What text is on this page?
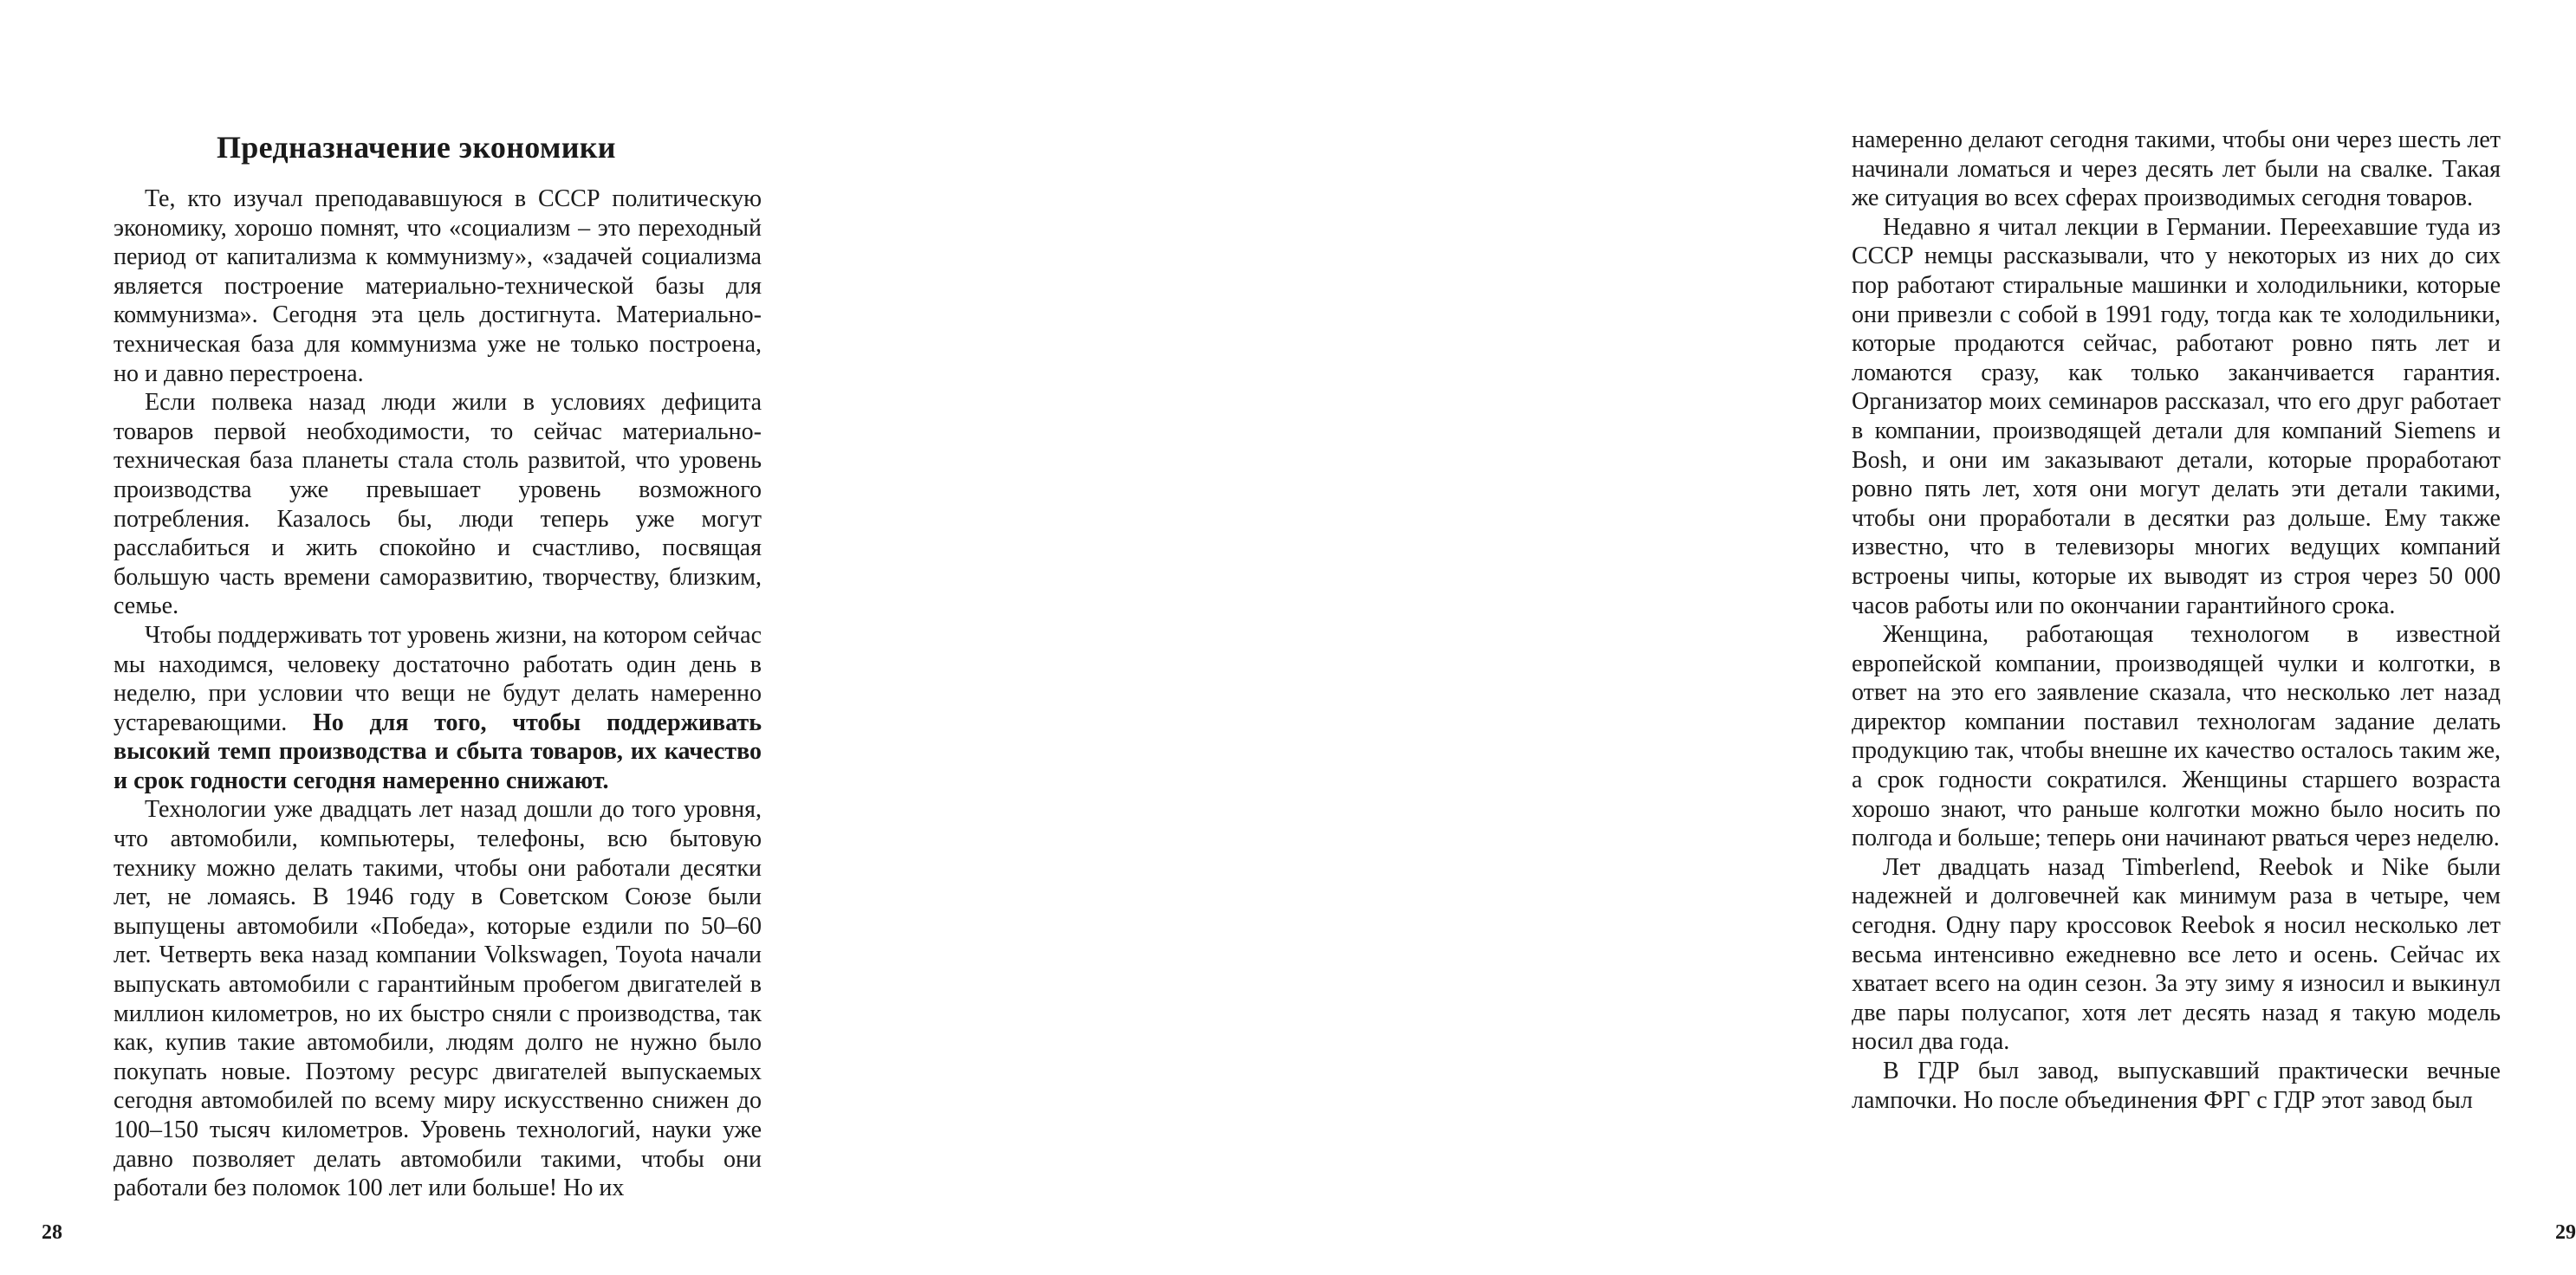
Предназначение экономики

Те, кто изучал преподававшуюся в СССР политическую экономику, хорошо помнят, что «социализм – это переходный период от капитализма к коммунизму», «задачей социализма является построение материально-технической базы для коммунизма». Сегодня эта цель достигнута. Материально-техническая база для коммунизма уже не только построена, но и давно перестроена.

Если полвека назад люди жили в условиях дефицита товаров первой необходимости, то сейчас материально-техническая база планеты стала столь развитой, что уровень производства уже превышает уровень возможного потребления. Казалось бы, люди теперь уже могут расслабиться и жить спокойно и счастливо, посвящая большую часть времени саморазвитию, творчеству, близким, семье.

Чтобы поддерживать тот уровень жизни, на котором сейчас мы находимся, человеку достаточно работать один день в неделю, при условии что вещи не будут делать намеренно устаревающими. Но для того, чтобы поддерживать высокий темп производства и сбыта товаров, их качество и срок годности сегодня намеренно снижают.

Технологии уже двадцать лет назад дошли до того уровня, что автомобили, компьютеры, телефоны, всю бытовую технику можно делать такими, чтобы они работали десятки лет, не ломаясь. В 1946 году в Советском Союзе были выпущены автомобили «Победа», которые ездили по 50–60 лет. Четверть века назад компании Volkswagen, Toyota начали выпускать автомобили с гарантийным пробегом двигателей в миллион километров, но их быстро сняли с производства, так как, купив такие автомобили, людям долго не нужно было покупать новые. Поэтому ресурс двигателей выпускаемых сегодня автомобилей по всему миру искусственно снижен до 100–150 тысяч километров. Уровень технологий, науки уже давно позволяет делать автомобили такими, чтобы они работали без поломок 100 лет или больше! Но их

28

намеренно делают сегодня такими, чтобы они через шесть лет начинали ломаться и через десять лет были на свалке. Такая же ситуация во всех сферах производимых сегодня товаров.

Недавно я читал лекции в Германии. Переехавшие туда из СССР немцы рассказывали, что у некоторых из них до сих пор работают стиральные машинки и холодильники, которые они привезли с собой в 1991 году, тогда как те холодильники, которые продаются сейчас, работают ровно пять лет и ломаются сразу, как только заканчивается гарантия. Организатор моих семинаров рассказал, что его друг работает в компании, производящей детали для компаний Siemens и Bosh, и они им заказывают детали, которые проработают ровно пять лет, хотя они могут делать эти детали такими, чтобы они проработали в десятки раз дольше. Ему также известно, что в телевизоры многих ведущих компаний встроены чипы, которые их выводят из строя через 50 000 часов работы или по окончании гарантийного срока.

Женщина, работающая технологом в известной европейской компании, производящей чулки и колготки, в ответ на это его заявление сказала, что несколько лет назад директор компании поставил технологам задание делать продукцию так, чтобы внешне их качество осталось таким же, а срок годности сократился. Женщины старшего возраста хорошо знают, что раньше колготки можно было носить по полгода и больше; теперь они начинают рваться через неделю.

Лет двадцать назад Timberlend, Reebok и Nike были надежней и долговечней как минимум раза в четыре, чем сегодня. Одну пару кроссовок Reebok я носил несколько лет весьма интенсивно ежедневно все лето и осень. Сейчас их хватает всего на один сезон. За эту зиму я износил и выкинул две пары полусапог, хотя лет десять назад я такую модель носил два года.

В ГДР был завод, выпускавший практически вечные лампочки. Но после объединения ФРГ с ГДР этот завод был

29
